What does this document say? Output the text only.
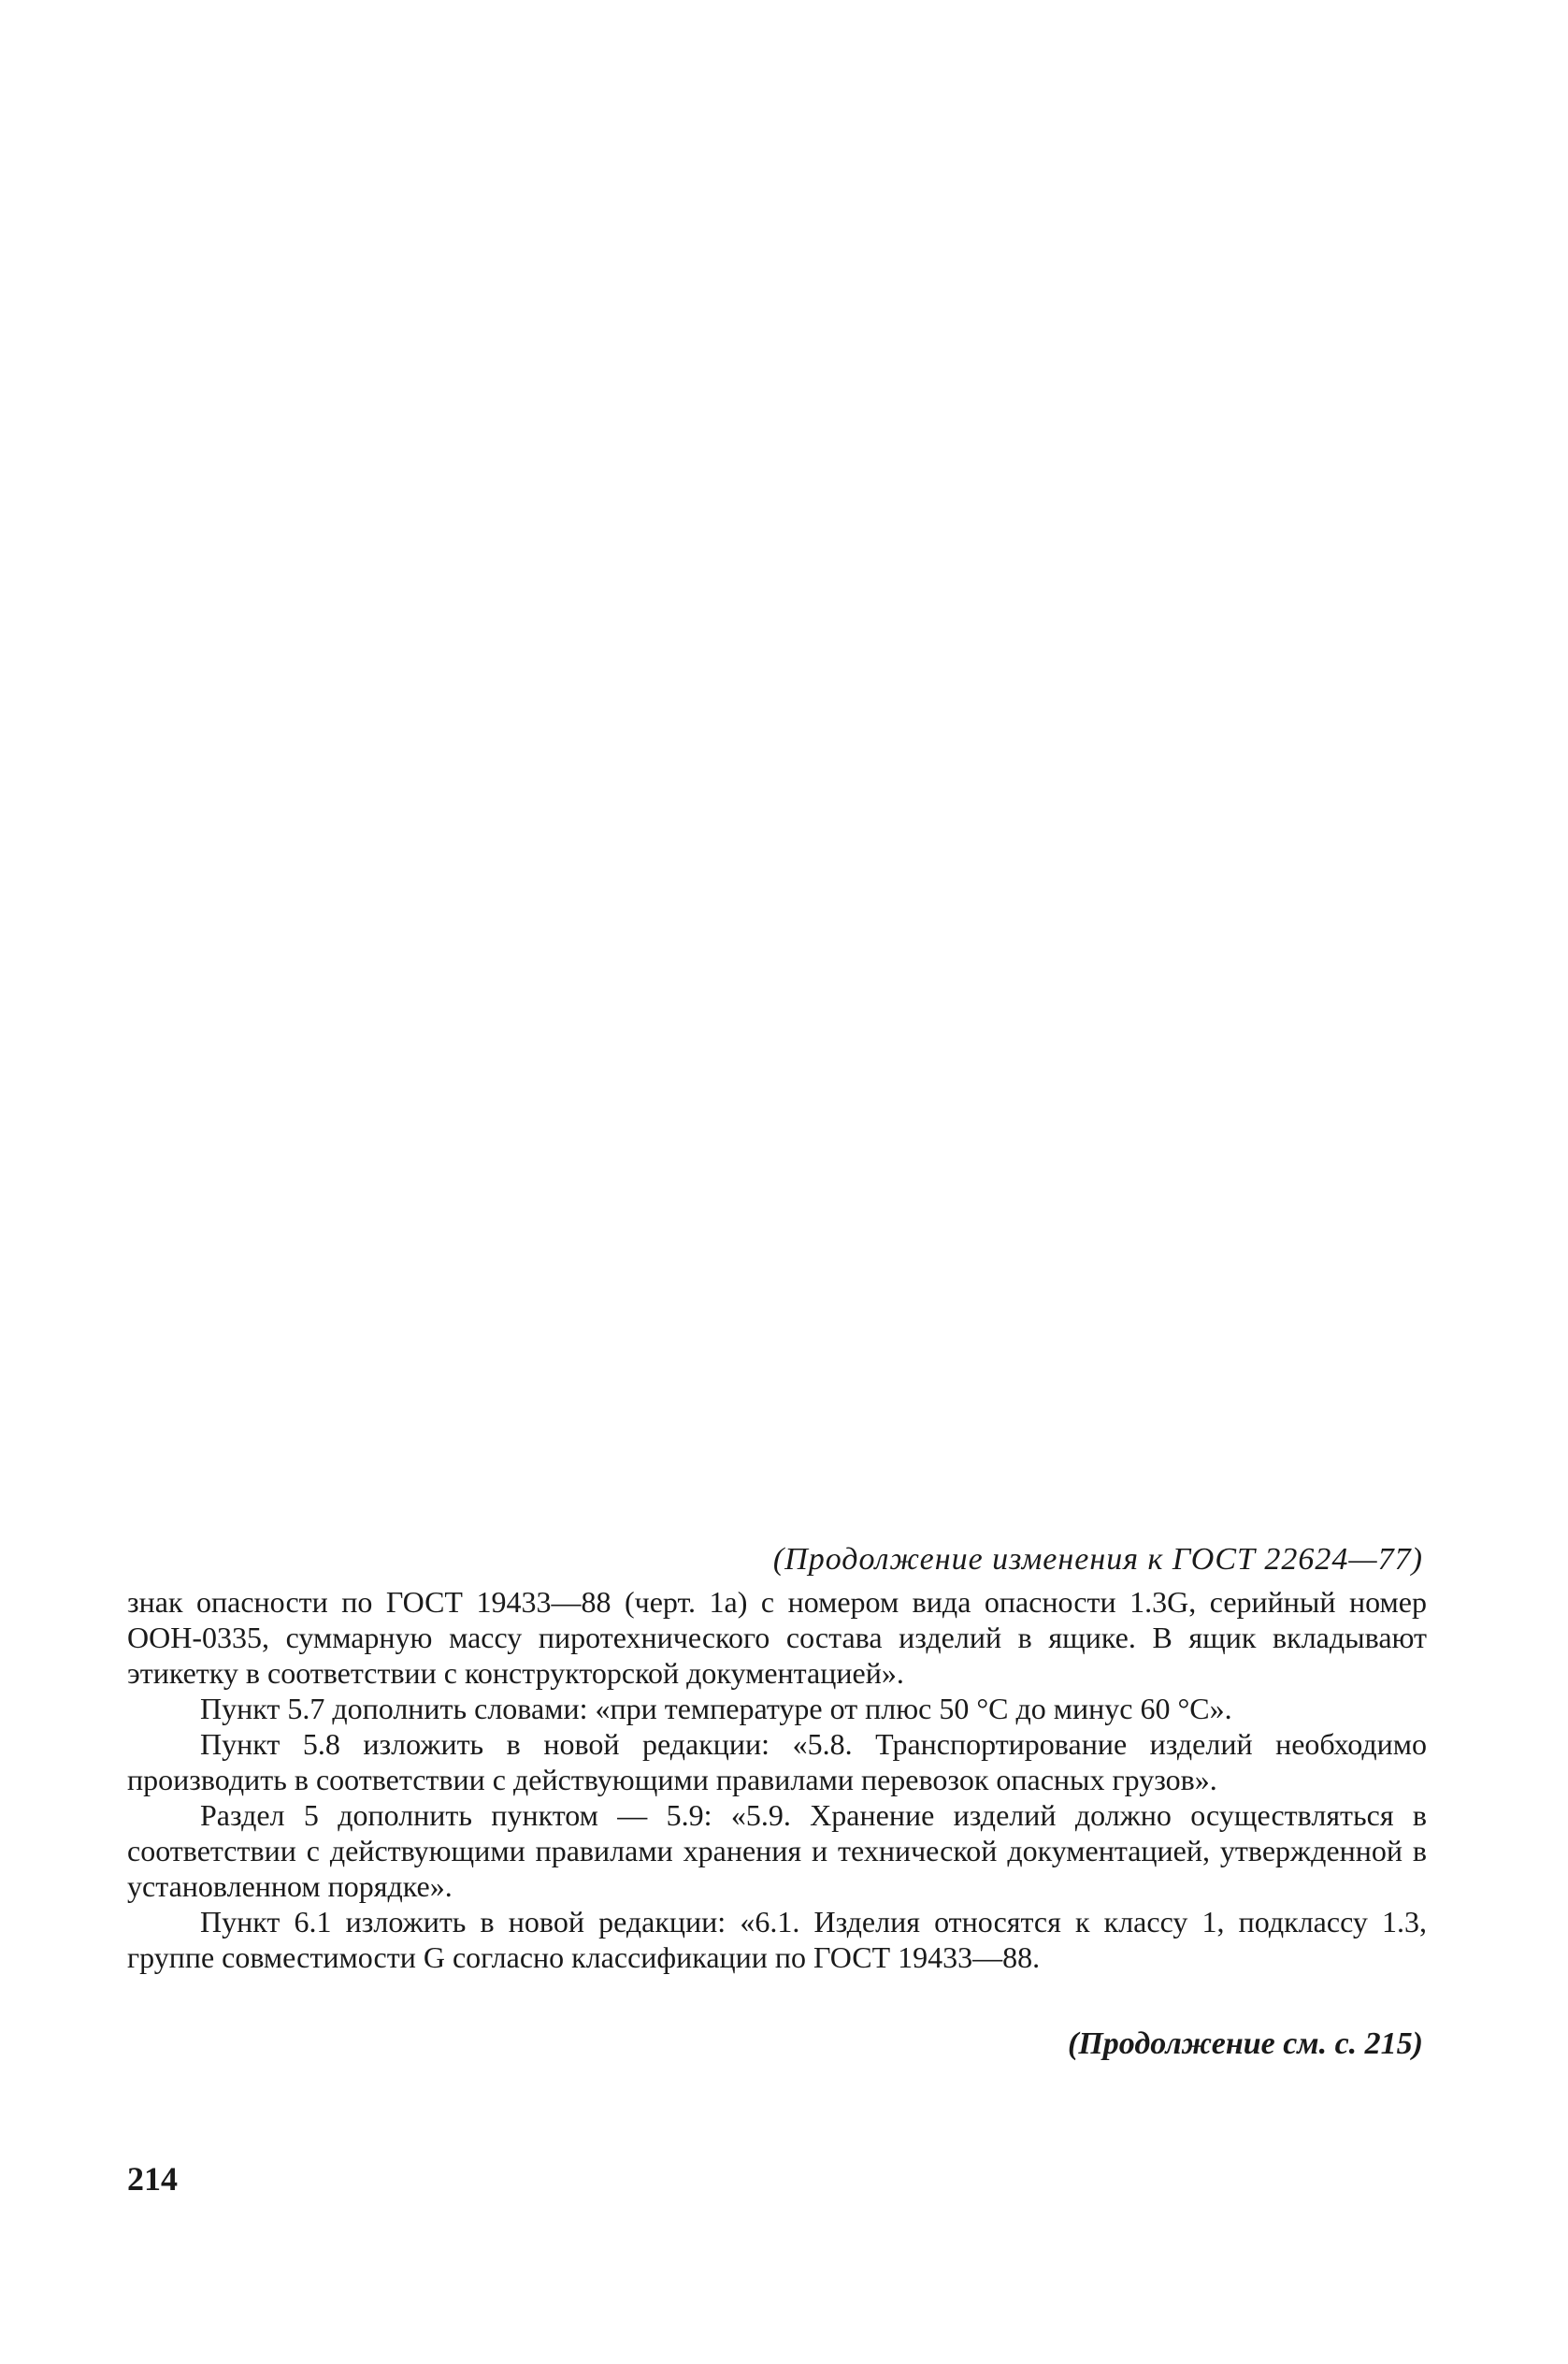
(Продолжение изменения к ГОСТ 22624—77)

знак опасности по ГОСТ 19433—88 (черт. 1а) с номером вида опасности 1.3G, серийный номер ООН-0335, суммарную массу пиротехнического состава изделий в ящике. В ящик вкладывают этикетку в соответствии с конструкторской документацией».

Пункт 5.7 дополнить словами: «при температуре от плюс 50 °С до минус 60 °С».

Пункт 5.8 изложить в новой редакции: «5.8. Транспортирование изделий необходимо производить в соответствии с действующими правилами перевозок опасных грузов».

Раздел 5 дополнить пунктом — 5.9: «5.9. Хранение изделий должно осуществляться в соответствии с действующими правилами хранения и технической документацией, утвержденной в установленном порядке».

Пункт 6.1 изложить в новой редакции: «6.1. Изделия относятся к классу 1, подклассу 1.3, группе совместимости G согласно классификации по ГОСТ 19433—88.

(Продолжение см. с. 215)

214
